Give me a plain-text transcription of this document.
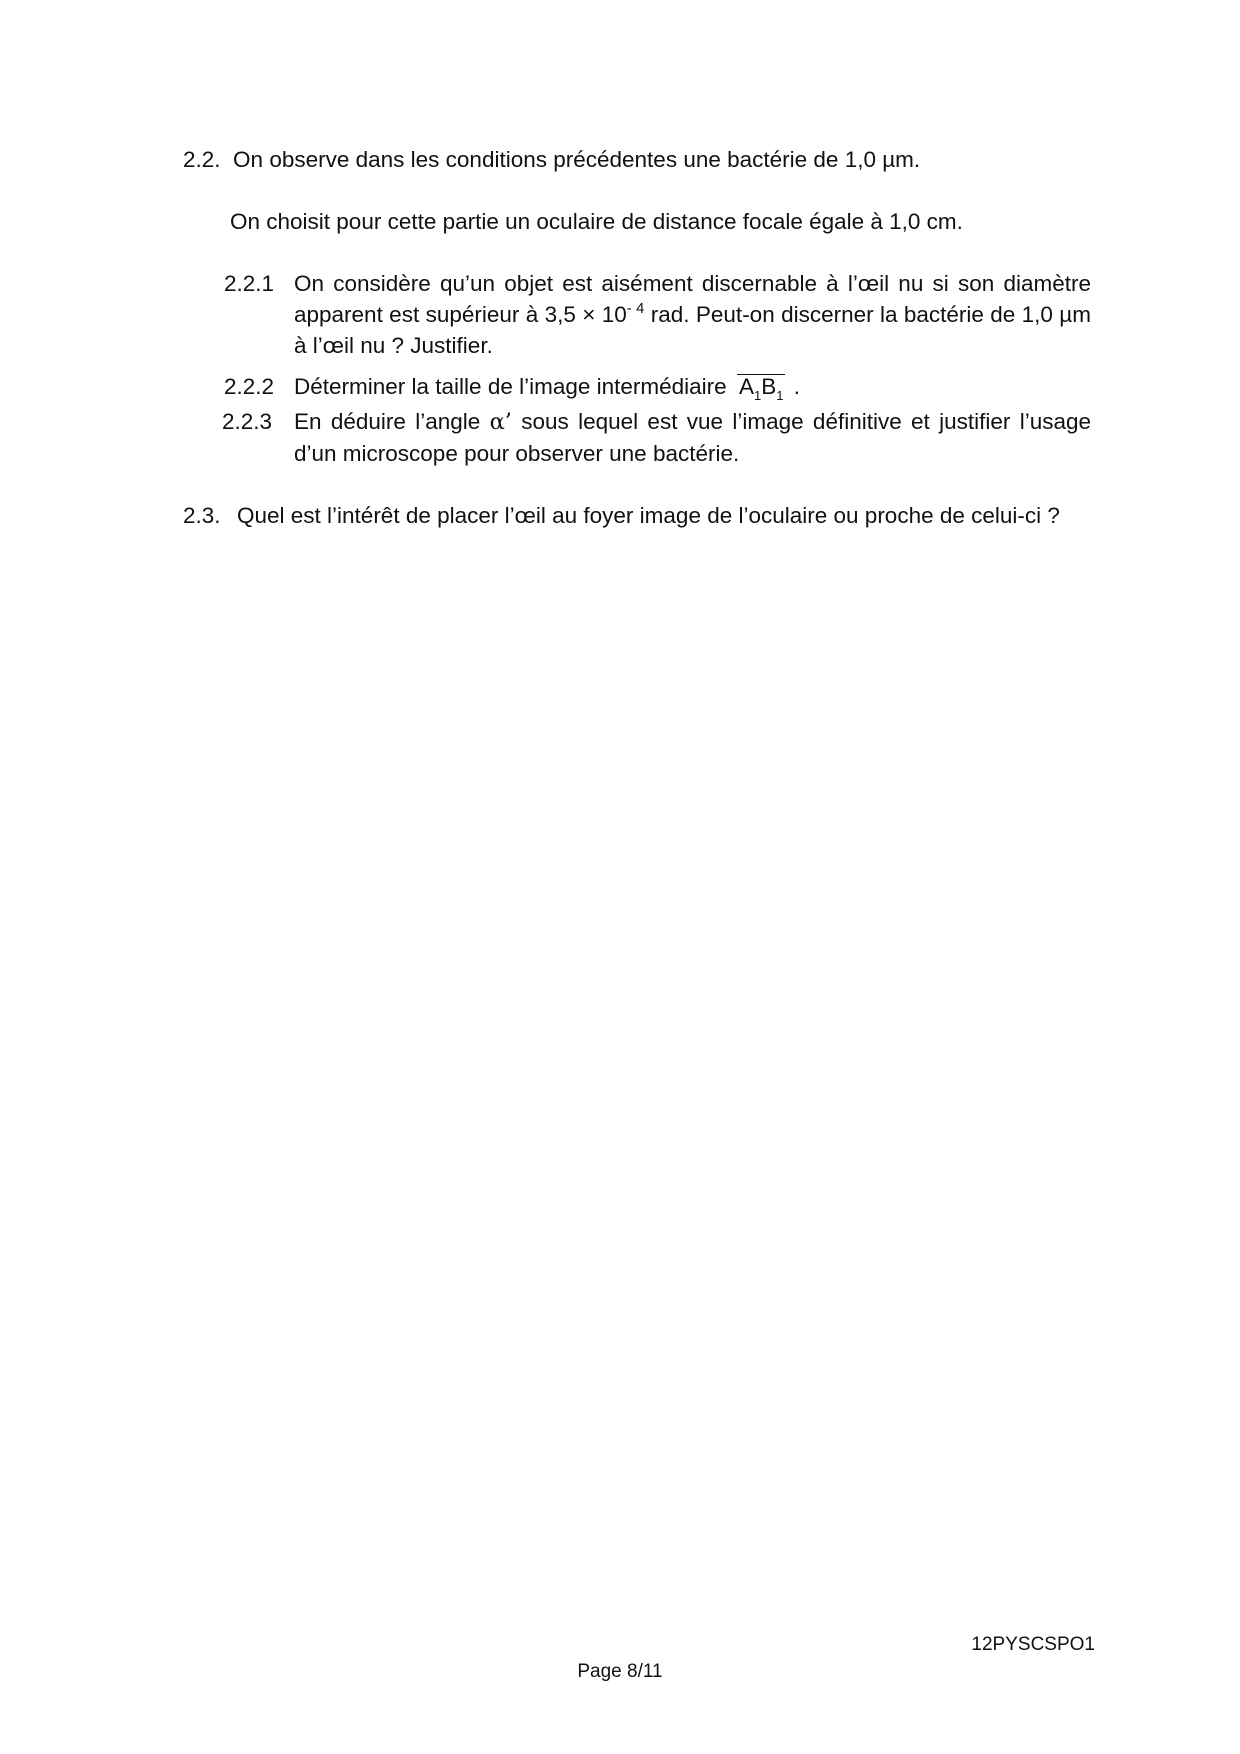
2.2. On observe dans les conditions précédentes une bactérie de 1,0 µm.
On choisit pour cette partie un oculaire de distance focale égale à 1,0 cm.
2.2.1 On considère qu’un objet est aisément discernable à l’œil nu si son diamètre apparent est supérieur à $3,5 \times 10^{- 4}$ rad. Peut-on discerner la bactérie de 1,0 µm à l’œil nu ? Justifier.
2.2.2 Déterminer la taille de l’image intermédiaire $A_1B_1$ .
2.2.3 En déduire l’angle α’ sous lequel est vue l’image définitive et justifier l’usage d’un microscope pour observer une bactérie.
2.3. Quel est l’intérêt de placer l’œil au foyer image de l’oculaire ou proche de celui-ci ?
12PYSCSPO1
Page 8/11
